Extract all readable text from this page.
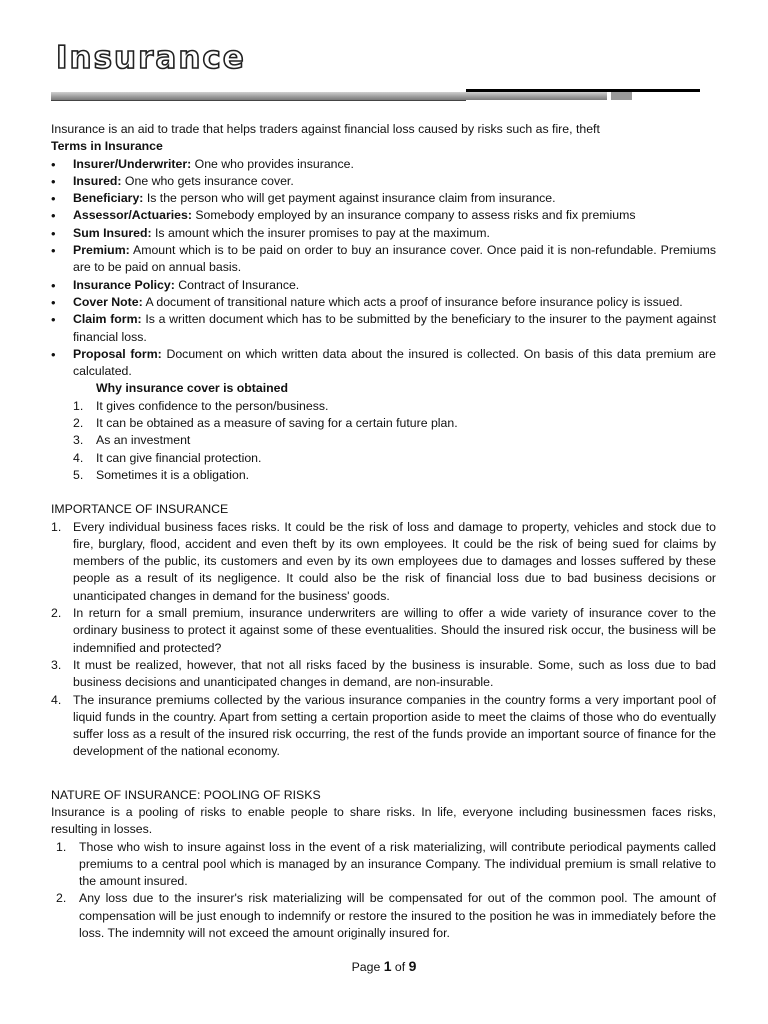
Insurance

Insurance is an aid to trade that helps traders against financial loss caused by risks such as fire, theft

Terms in Insurance

• Insurer/Underwriter: One who provides insurance.
• Insured: One who gets insurance cover.
• Beneficiary: Is the person who will get payment against insurance claim from insurance.
• Assessor/Actuaries: Somebody employed by an insurance company to assess risks and fix premiums
• Sum Insured: Is amount which the insurer promises to pay at the maximum.
• Premium: Amount which is to be paid on order to buy an insurance cover. Once paid it is non-refundable. Premiums are to be paid on annual basis.
• Insurance Policy: Contract of Insurance.
• Cover Note: A document of transitional nature which acts a proof of insurance before insurance policy is issued.
• Claim form: Is a written document which has to be submitted by the beneficiary to the insurer to the payment against financial loss.
• Proposal form: Document on which written data about the insured is collected. On basis of this data premium are calculated.

Why insurance cover is obtained

1. It gives confidence to the person/business.
2. It can be obtained as a measure of saving for a certain future plan.
3. As an investment
4. It can give financial protection.
5. Sometimes it is a obligation.

IMPORTANCE OF INSURANCE

1. Every individual business faces risks. It could be the risk of loss and damage to property, vehicles and stock due to fire, burglary, flood, accident and even theft by its own employees. It could be the risk of being sued for claims by members of the public, its customers and even by its own employees due to damages and losses suffered by these people as a result of its negligence. It could also be the risk of financial loss due to bad business decisions or unanticipated changes in demand for the business' goods.
2. In return for a small premium, insurance underwriters are willing to offer a wide variety of insurance cover to the ordinary business to protect it against some of these eventualities. Should the insured risk occur, the business will be indemnified and protected?
3. It must be realized, however, that not all risks faced by the business is insurable. Some, such as loss due to bad business decisions and unanticipated changes in demand, are non-insurable.
4. The insurance premiums collected by the various insurance companies in the country forms a very important pool of liquid funds in the country. Apart from setting a certain proportion aside to meet the claims of those who do eventually suffer loss as a result of the insured risk occurring, the rest of the funds provide an important source of finance for the development of the national economy.

NATURE OF INSURANCE: POOLING OF RISKS

Insurance is a pooling of risks to enable people to share risks. In life, everyone including businessmen faces risks, resulting in losses.

1. Those who wish to insure against loss in the event of a risk materializing, will contribute periodical payments called premiums to a central pool which is managed by an insurance Company. The individual premium is small relative to the amount insured.
2. Any loss due to the insurer's risk materializing will be compensated for out of the common pool. The amount of compensation will be just enough to indemnify or restore the insured to the position he was in immediately before the loss. The indemnity will not exceed the amount originally insured for.
Page 1 of 9
